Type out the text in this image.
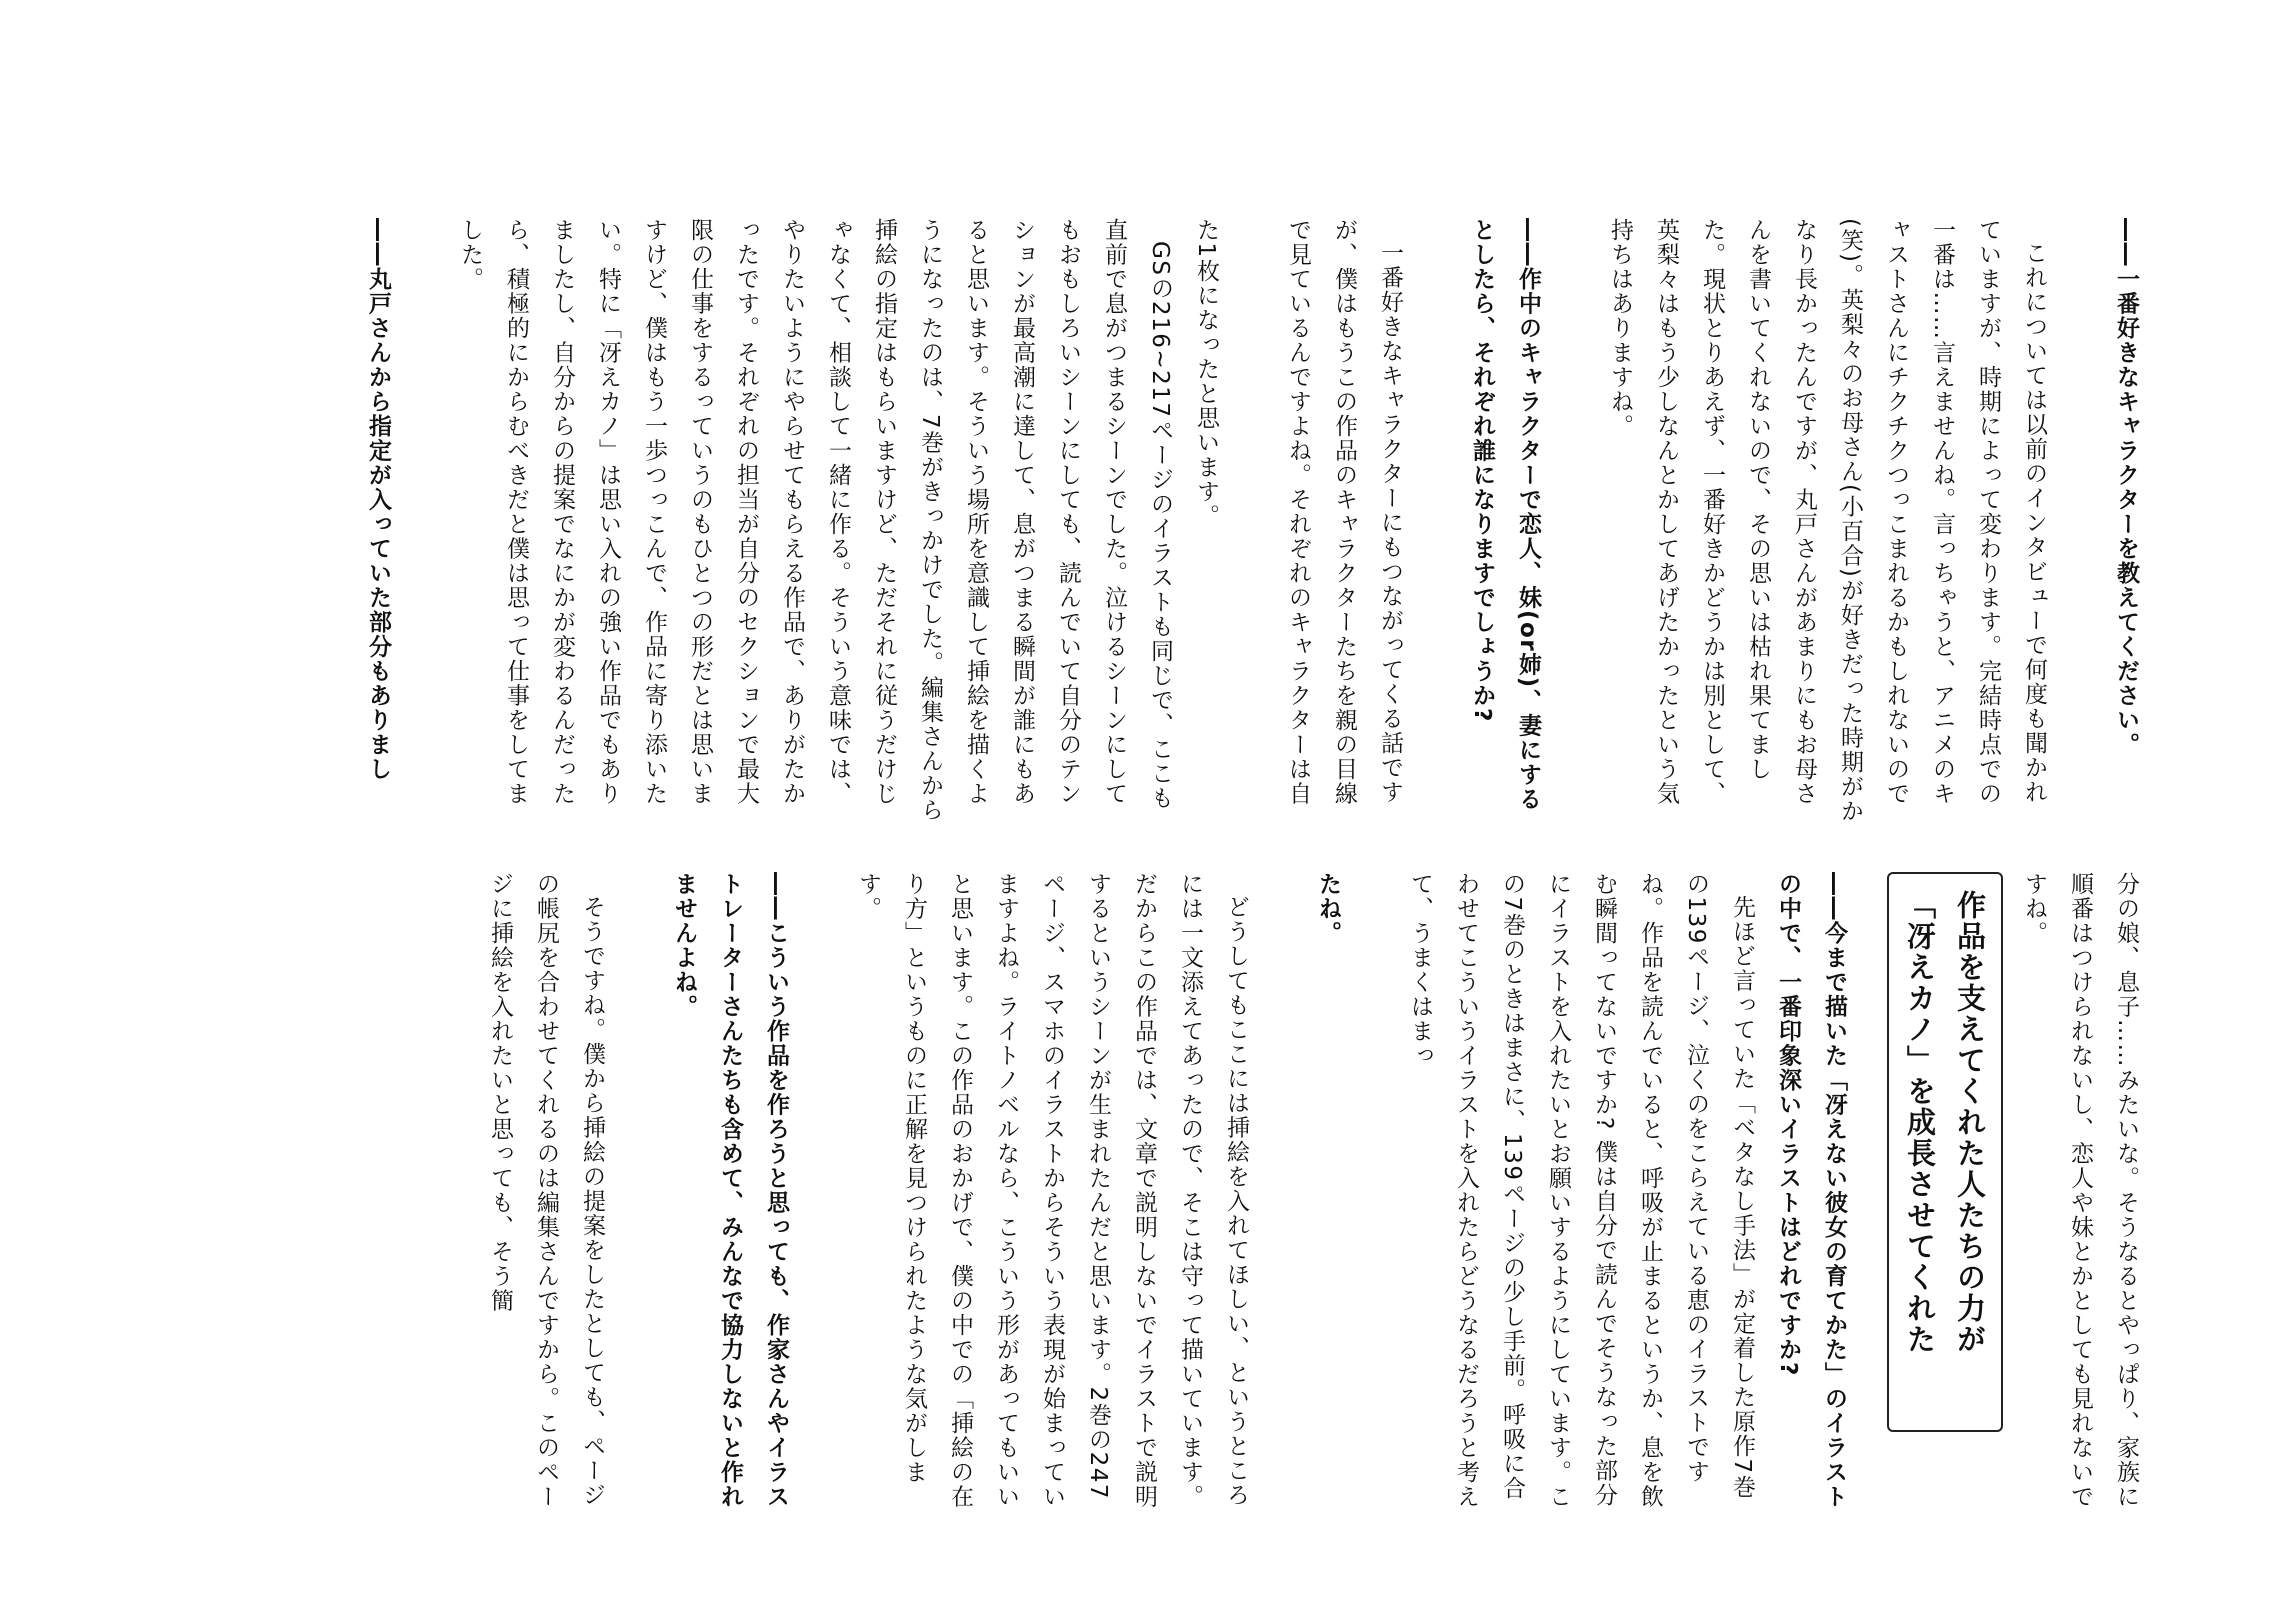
――一番好きなキャラクターを教えてください。

これについては以前のインタビューで何度も聞かれていますが、時期によって変わります。完結時点での一番は……言えませんね。言っちゃうと、アニメのキャストさんにチクチクつっこまれるかもしれないので(笑)。英梨々のお母さん(小百合)が好きだった時期がかなり長かったんですが、丸戸さんがあまりにもお母さんを書いてくれないので、その思いは枯れ果てました。現状とりあえず、一番好きかどうかは別として、英梨々はもう少しなんとかしてあげたかったという気持ちはありますね。

――作中のキャラクターで恋人、妹(or姉)、妻にするとしたら、それぞれ誰になりますでしょうか?

一番好きなキャラクターにもつながってくる話ですが、僕はもうこの作品のキャラクターたちを親の目線で見ているんですよね。それぞれのキャラクターは自

た1枚になったと思います。

GSの216~217ページのイラストも同じで、ここも直前で息がつまるシーンでした。泣けるシーンにしてもおもしろいシーンにしても、読んでいて自分のテンションが最高潮に達して、息がつまる瞬間が誰にもあると思います。そういう場所を意識して挿絵を描くようになったのは、7巻がきっかけでした。編集さんから挿絵の指定はもらいますけど、ただそれに従うだけじゃなくて、相談して一緒に作る。そういう意味では、やりたいようにやらせてもらえる作品で、ありがたかったです。それぞれの担当が自分のセクションで最大限の仕事をするっていうのもひとつの形だとは思いますけど、僕はもう一歩つっこんで、作品に寄り添いたい。特に「冴えカノ」は思い入れの強い作品でもありましたし、自分からの提案でなにかが変わるんだったら、積極的にからむべきだと僕は思って仕事をしてました。

――丸戸さんから指定が入っていた部分もありまし

分の娘、息子……みたいな。そうなるとやっぱり、家族に順番はつけられないし、恋人や妹とかとしても見れないですね。

作品を支えてくれた人たちの力が
「冴えカノ」を成長させてくれた

――今まで描いた「冴えない彼女の育てかた」のイラストの中で、一番印象深いイラストはどれですか?

先ほど言っていた「ベタなし手法」が定着した原作7巻の139ページ、泣くのをこらえている恵のイラストですね。作品を読んでいると、呼吸が止まるというか、息を飲む瞬間ってないですか? 僕は自分で読んでそうなった部分にイラストを入れたいとお願いするようにしています。この7巻のときはまさに、139ページの少し手前。呼吸に合わせてこういうイラストを入れたらどうなるだろうと考えて、うまくはまっ

たね。

どうしてもここには挿絵を入れてほしい、というところには一文添えてあったので、そこは守って描いています。だからこの作品では、文章で説明しないでイラストで説明するというシーンが生まれたんだと思います。2巻の247ページ、スマホのイラストからそういう表現が始まっていますよね。ライトノベルなら、こういう形があってもいいと思います。この作品のおかげで、僕の中での「挿絵の在り方」というものに正解を見つけられたような気がします。

――こういう作品を作ろうと思っても、作家さんやイラストレーターさんたちも含めて、みんなで協力しないと作れませんよね。

そうですね。僕から挿絵の提案をしたとしても、ページの帳尻を合わせてくれるのは編集さんですから。このページに挿絵を入れたいと思っても、そう簡
